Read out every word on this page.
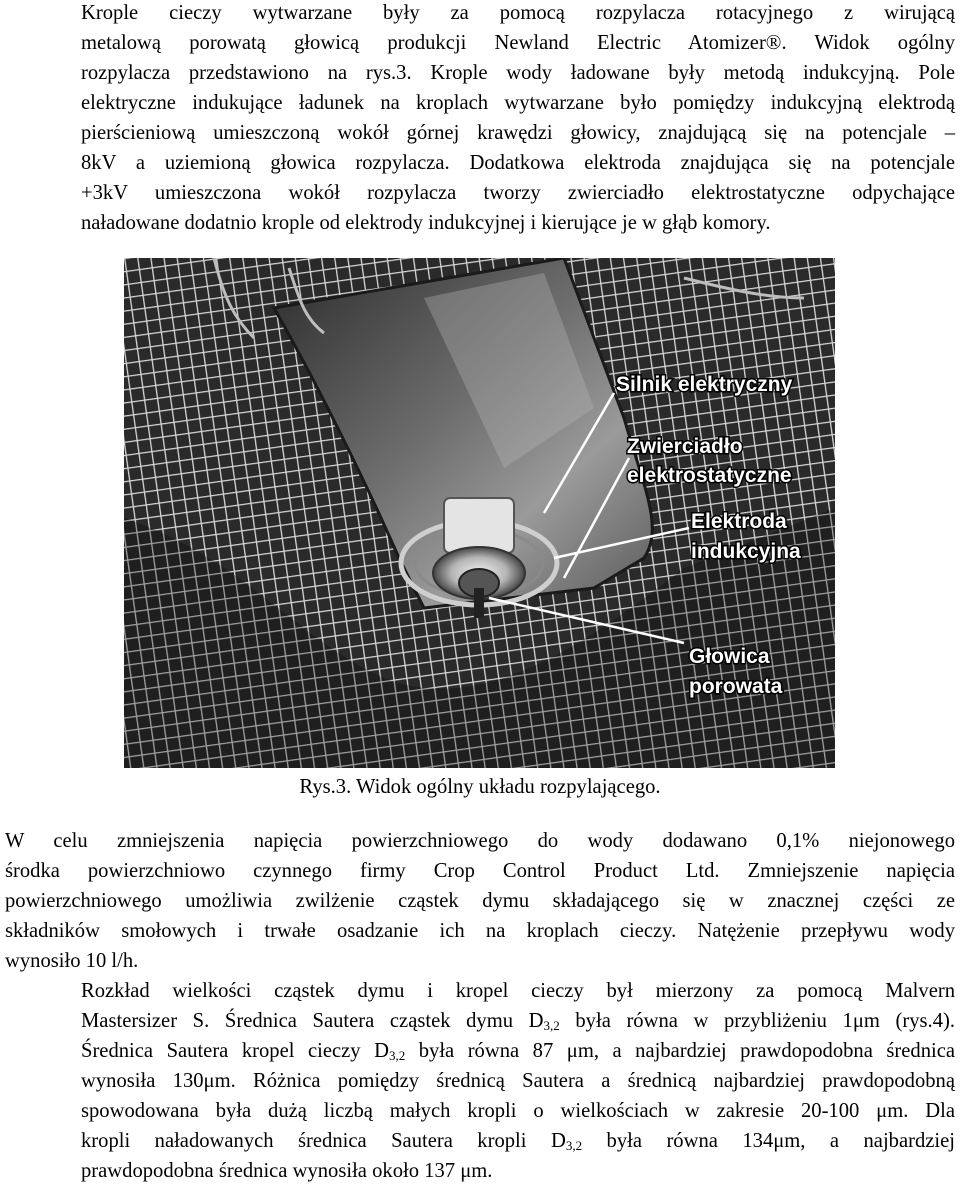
Krople cieczy wytwarzane były za pomocą rozpylacza rotacyjnego z wirującą
metalową porowatą głowicą produkcji Newland Electric Atomizer®. Widok ogólny
rozpylacza przedstawiono na rys.3. Krople wody ładowane były metodą indukcyjną. Pole
elektryczne indukujące ładunek na kroplach wytwarzane było pomiędzy indukcyjną elektrodą
pierścieniową umieszczoną wokół górnej krawędzi głowicy, znajdującą się na potencjale –
8kV a uziemioną głowica rozpylacza. Dodatkowa elektroda znajdująca się na potencjale
+3kV umieszczona wokół rozpylacza tworzy zwierciadło elektrostatyczne odpychające
naładowane dodatnio krople od elektrody indukcyjnej i kierujące je w głąb komory.
Silnik elektryczny
Zwierciadło
elektrostatyczne
Elektroda
indukcyjna
Głowica
porowata
Rys.3. Widok ogólny układu rozpylającego.
W celu zmniejszenia napięcia powierzchniowego do wody dodawano 0,1% niejonowego
środka powierzchniowo czynnego firmy Crop Control Product Ltd. Zmniejszenie napięcia
powierzchniowego umożliwia zwilżenie cząstek dymu składającego się w znacznej części ze
składników smołowych i trwałe osadzanie ich na kroplach cieczy. Natężenie przepływu wody
wynosiło 10 l/h.
Rozkład wielkości cząstek dymu i kropel cieczy był mierzony za pomocą Malvern
Mastersizer S. Średnica Sautera cząstek dymu $D_{3,2}$ była równa w przybliżeniu 1μm (rys.4).
Średnica Sautera kropel cieczy $D_{3,2}$ była równa 87 μm, a najbardziej prawdopodobna średnica
wynosiła 130μm. Różnica pomiędzy średnicą Sautera a średnicą najbardziej prawdopodobną
spowodowana była dużą liczbą małych kropli o wielkościach w zakresie 20-100 μm. Dla
kropli naładowanych średnica Sautera kropli $D_{3,2}$ była równa 134μm, a najbardziej
prawdopodobna średnica wynosiła około 137 μm.
